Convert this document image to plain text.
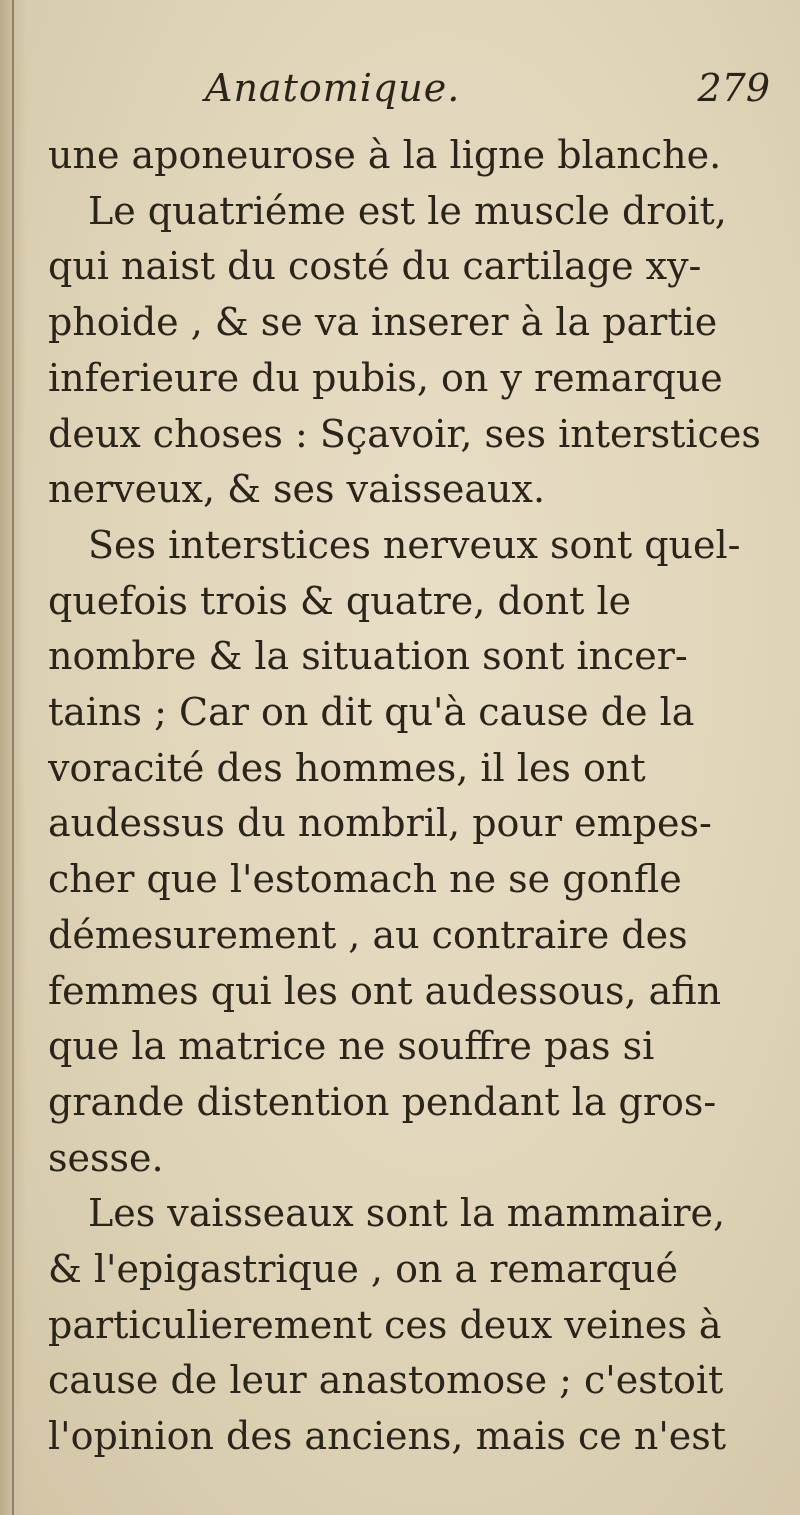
Anatomique.	279
une aponeurose à la ligne blanche.
Le quatriéme est le muscle droit,
qui naist du costé du cartilage xy-
phoide , & se va inserer à la partie
inferieure du pubis, on y remarque
deux choses : Sçavoir, ses interstices
nerveux, & ses vaisseaux.
Ses interstices nerveux sont quel-
quefois trois & quatre, dont le
nombre & la situation sont incer-
tains ; Car on dit qu'à cause de la
voracité des hommes, il les ont
audessus du nombril, pour empes-
cher que l'estomach ne se gonfle
démesurement , au contraire des
femmes qui les ont audessous, afin
que la matrice ne souffre pas si
grande distention pendant la gros-
sesse.
Les vaisseaux sont la mammaire,
& l'epigastrique , on a remarqué
particulierement ces deux veines à
cause de leur anastomose ; c'estoit
l'opinion des anciens, mais ce n'est
